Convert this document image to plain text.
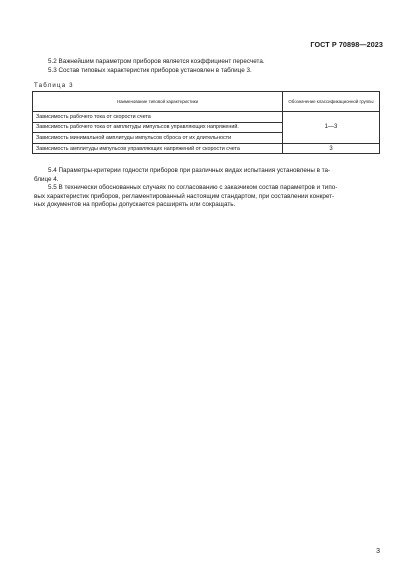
ГОСТ Р 70898—2023
5.2 Важнейшим параметром приборов является коэффициент пересчета.
5.3 Состав типовых характеристик приборов установлен в таблице 3.
Таблица 3
Наименование типовой характеристики	Обозначение классификационной группы
Зависимость рабочего тока от скорости счета	1—3
Зависимость рабочего тока от амплитуды импульсов управляющих напряжений.	
Зависимость минимальной амплитуды импульсов сброса от их длительности	
Зависимость амплитуды импульсов управляющих напряжений от скорости счета	3
5.4 Параметры-критерии годности приборов при различных видах испытания установлены в та-
блице 4.
5.5 В технически обоснованных случаях по согласованию с заказчиком состав параметров и типо-
вых характеристик приборов, регламентированный настоящим стандартом, при составлении конкрет-
ных документов на приборы допускается расширять или сокращать.
3
